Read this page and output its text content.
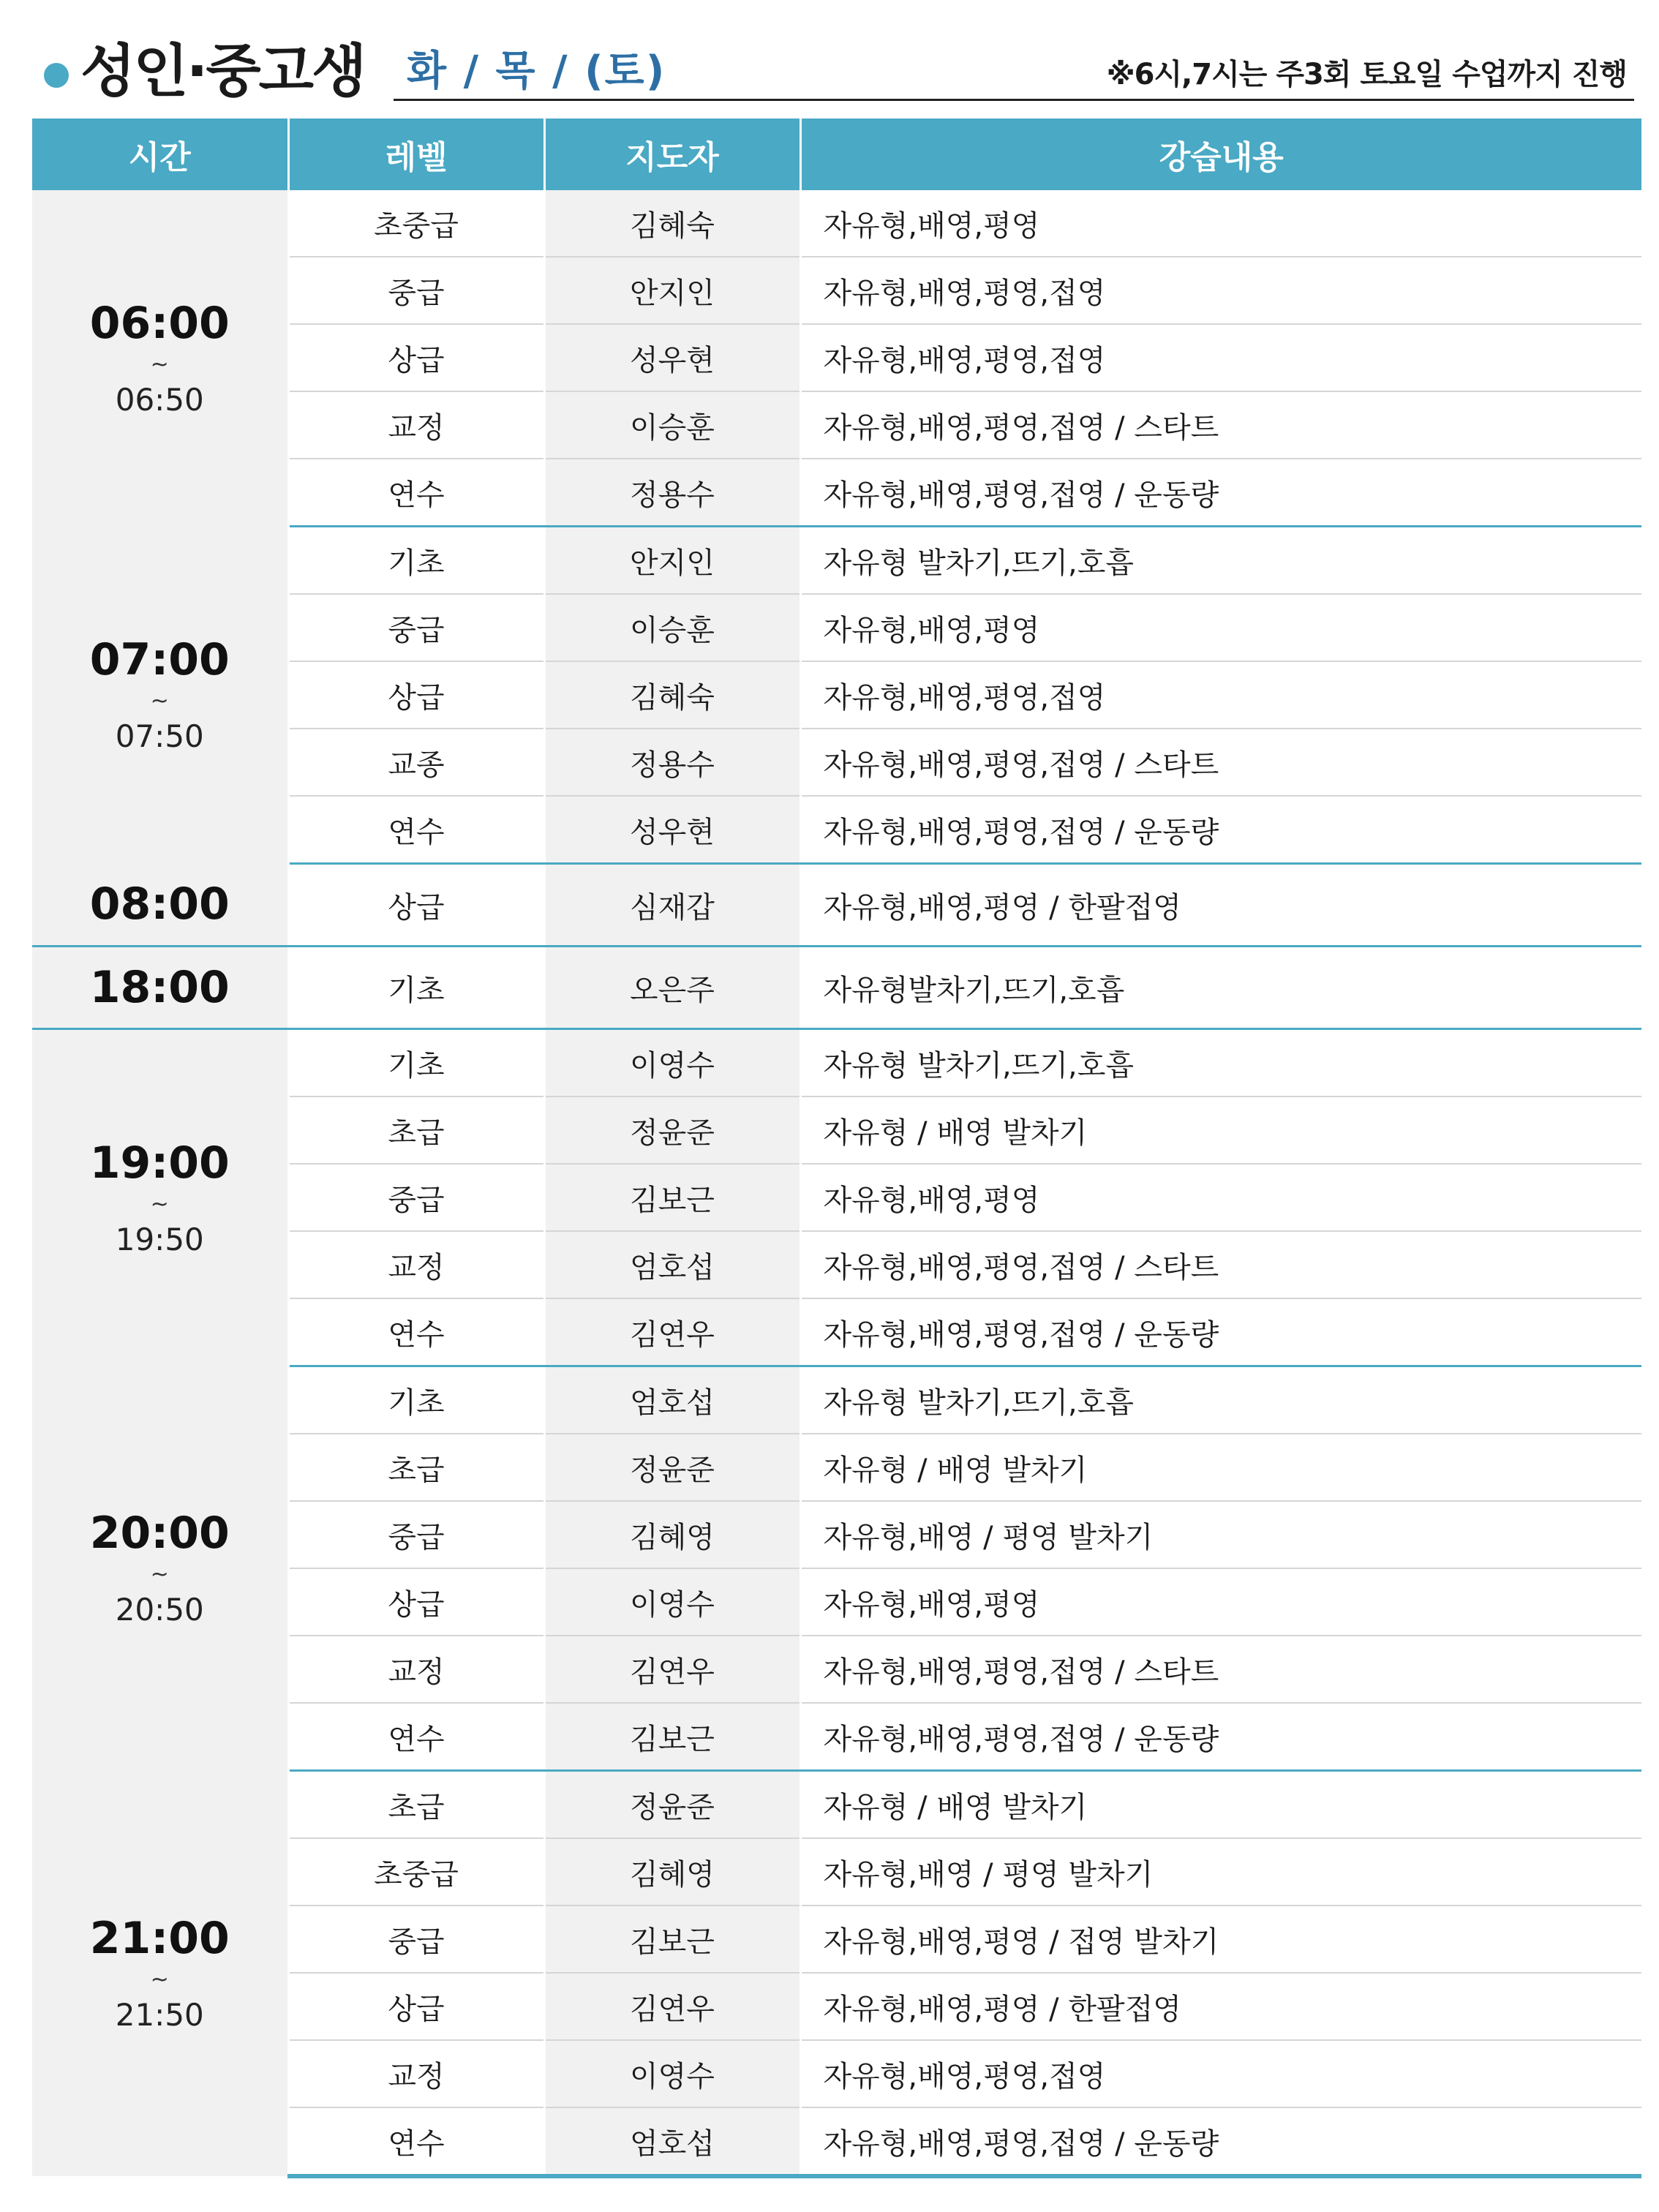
성인·중고생 화 / 목 / (토)	※6시,7시는 주3회 토요일 수업까지 진행
시간	레벨	지도자	강습내용

06:00
~
06:50	초중급	김혜숙	자유형,배영,평영
	중급	안지인	자유형,배영,평영,접영
	상급	성우현	자유형,배영,평영,접영
	교정	이승훈	자유형,배영,평영,접영 / 스타트
	연수	정용수	자유형,배영,평영,접영 / 운동량

07:00
~
07:50	기초	안지인	자유형 발차기,뜨기,호흡
	중급	이승훈	자유형,배영,평영
	상급	김혜숙	자유형,배영,평영,접영
	교종	정용수	자유형,배영,평영,접영 / 스타트
	연수	성우현	자유형,배영,평영,접영 / 운동량

08:00	상급	심재갑	자유형,배영,평영 / 한팔접영

18:00	기초	오은주	자유형발차기,뜨기,호흡

19:00
~
19:50	기초	이영수	자유형 발차기,뜨기,호흡
	초급	정윤준	자유형 / 배영 발차기
	중급	김보근	자유형,배영,평영
	교정	엄호섭	자유형,배영,평영,접영 / 스타트
	연수	김연우	자유형,배영,평영,접영 / 운동량

20:00
~
20:50	기초	엄호섭	자유형 발차기,뜨기,호흡
	초급	정윤준	자유형 / 배영 발차기
	중급	김혜영	자유형,배영 / 평영 발차기
	상급	이영수	자유형,배영,평영
	교정	김연우	자유형,배영,평영,접영 / 스타트
	연수	김보근	자유형,배영,평영,접영 / 운동량

21:00
~
21:50	초급	정윤준	자유형 / 배영 발차기
	초중급	김혜영	자유형,배영 / 평영 발차기
	중급	김보근	자유형,배영,평영 / 접영 발차기
	상급	김연우	자유형,배영,평영 / 한팔접영
	교정	이영수	자유형,배영,평영,접영
	연수	엄호섭	자유형,배영,평영,접영 / 운동량
